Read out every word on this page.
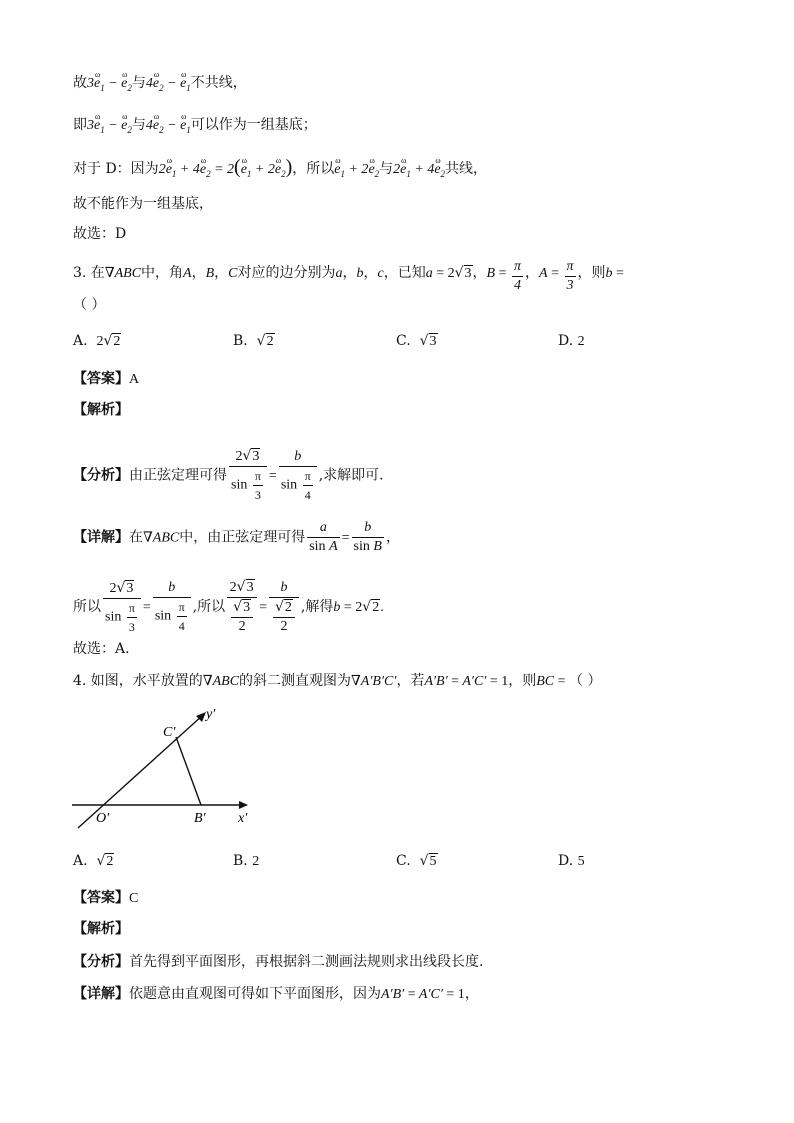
故3ω $e_1 - \omega$ $e_2$与4ω $e_2 - \omega$ $e_1$不共线，
即3ω $e_1 - \omega$ $e_2$与4ω $e_2 - \omega$ $e_1$可以作为一组基底；
对于 D：因为2ω $e_1 + 4\omega$ $e_2 = 2(\omega$ $e_1 + 2\omega$ $e_2$)，所以ω $e_1 + 2\omega$ $e_2$与2ω $e_1 + 4\omega$ $e_2$共线，
故不能作为一组基底，
故选：D
3. 在∇ABC中，角A，B，C对应的边分别为a，b，c，已知a = 2√3，$B = \frac{\pi}{4}$ ，$A = \frac{\pi}{3}$ ，则b =
（ ）
A. 2√2	B. √2	C. √3	D. 2
【答案】A
【解析】
【分析】由正弦定理可得 $\frac{2√3}{\sin \frac{\pi}{3}} = \frac{b}{\sin \frac{\pi}{4}}$ ,求解即可.
【详解】在∇ABC中，由正弦定理可得 $\frac{a}{\text{sin A}} = \frac{b}{\text{sin B}}$ ，
所以 $\frac{2√3}{\sin \frac{\pi}{3}} = \frac{b}{\sin \frac{\pi}{4}}$ ,所以 $\frac{2√3}{\frac{√3}{2}} = \frac{b}{\frac{√2}{2}}$ ,解得b = 2√2.
故选：A.
4. 如图，水平放置的∇ABC的斜二测直观图为∇A′B′C′，若A′B′ = A′C′ = 1，则BC = （ ）
y′
x′
O′	B′
C′
A. √2	B. 2	C. √5	D. 5
【答案】C
【解析】
【分析】首先得到平面图形，再根据斜二测画法规则求出线段长度.
【详解】依题意由直观图可得如下平面图形，因为A′B′ = A′C′ = 1，
